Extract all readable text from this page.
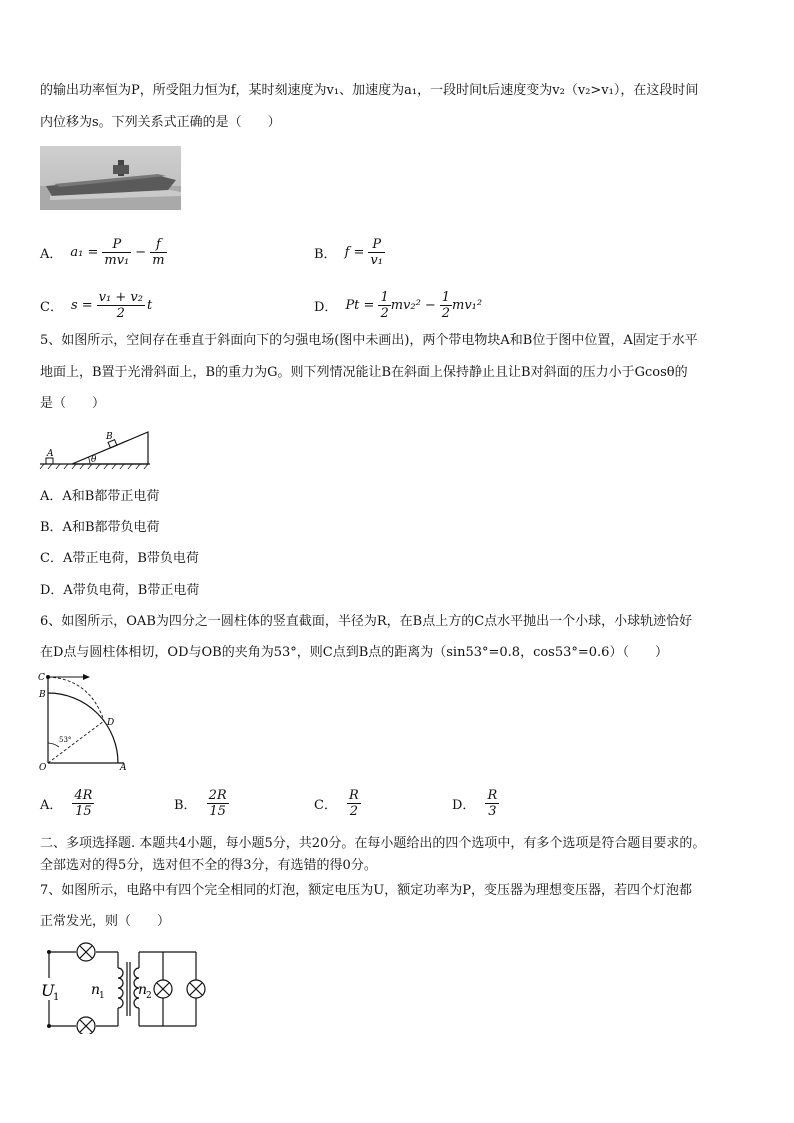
的输出功率恒为P，所受阻力恒为f，某时刻速度为v₁、加速度为a₁，一段时间t后速度变为v₂（v₂>v₁），在这段时间
内位移为s。下列关系式正确的是（　　）
A． $a_1 = \frac{P}{\text{mv₁}} - \frac{f}{m}$	B． $f = \frac{P}{\text{v₁}}$
C． $s = \frac{\text{v₁ + v₂}}{2}$ t	D． $Pt = \frac{1}{2} mv_2^2 - \frac{1}{2} mv_1^2$
5、如图所示，空间存在垂直于斜面向下的匀强电场(图中未画出)，两个带电物块A和B位于图中位置，A固定于水平
地面上，B置于光滑斜面上，B的重力为G。则下列情况能让B在斜面上保持静止且让B对斜面的压力小于Gcosθ的
是（　　）
A
B
θ
A．A和B都带正电荷
B．A和B都带负电荷
C．A带正电荷，B带负电荷
D．A带负电荷，B带正电荷
6、如图所示，OAB为四分之一圆柱体的竖直截面，半径为R，在B点上方的C点水平抛出一个小球，小球轨迹恰好
在D点与圆柱体相切，OD与OB的夹角为53°，则C点到B点的距离为（sin53°=0.8，cos53°=0.6）（　　）
C
B
D
O	A
53°
A． $\frac{4R}{15}$	B． $\frac{2R}{15}$	C． $\frac{R}{2}$	D． $\frac{R}{3}$
二、多项选择题. 本题共4小题，每小题5分，共20分。在每小题给出的四个选项中，有多个选项是符合题目要求的。
全部选对的得5分，选对但不全的得3分，有选错的得0分。
7、如图所示，电路中有四个完全相同的灯泡，额定电压为U，额定功率为P，变压器为理想变压器，若四个灯泡都
正常发光，则（　　）
U
1 n
1 n
2
